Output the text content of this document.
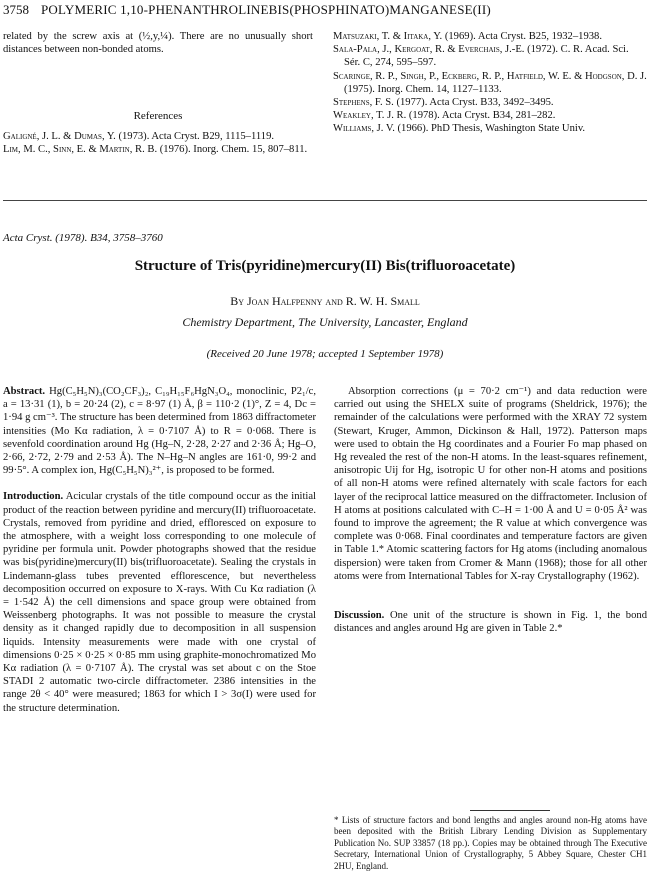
3758 POLYMERIC 1,10-PHENANTHROLINEBIS(PHOSPHINATO)MANGANESE(II)

related by the screw axis at (½,y,¼). There are no unusually short distances between non-bonded atoms.

References
Galigné, J. L. & Dumas, Y. (1973). Acta Cryst. B29, 1115–1119.
Lim, M. C., Sinn, E. & Martin, R. B. (1976). Inorg. Chem. 15, 807–811.
Matsuzaki, T. & Iitaka, Y. (1969). Acta Cryst. B25, 1932–1938.
Sala-Pala, J., Kergoat, R. & Everchais, J.-E. (1972). C. R. Acad. Sci. Sér. C, 274, 595–597.
Scaringe, R. P., Singh, P., Eckberg, R. P., Hatfield, W. E. & Hodgson, D. J. (1975). Inorg. Chem. 14, 1127–1133.
Stephens, F. S. (1977). Acta Cryst. B33, 3492–3495.
Weakley, T. J. R. (1978). Acta Cryst. B34, 281–282.
Williams, J. V. (1966). PhD Thesis, Washington State Univ.
Acta Cryst. (1978). B34, 3758–3760
Structure of Tris(pyridine)mercury(II) Bis(trifluoroacetate)
By Joan Halfpenny and R. W. H. Small
Chemistry Department, The University, Lancaster, England
(Received 20 June 1978; accepted 1 September 1978)

Abstract. Hg(C₅H₅N)₃(CO₂CF₃)₂, C₁₉H₁₅F₆HgN₃O₄, monoclinic, P2₁/c, a = 13·31 (1), b = 20·24 (2), c = 8·97 (1) Å, β = 110·2 (1)°, Z = 4, Dc = 1·94 g cm⁻³. The structure has been determined from 1863 diffractometer intensities (Mo Kα radiation, λ = 0·7107 Å) to R = 0·068. There is sevenfold coordination around Hg (Hg–N, 2·28, 2·27 and 2·36 Å; Hg–O, 2·66, 2·72, 2·79 and 2·53 Å). The N–Hg–N angles are 161·0, 99·2 and 99·5°. A complex ion, Hg(C₅H₅N)₃²⁺, is proposed to be formed.

Introduction. Acicular crystals of the title compound occur as the initial product of the reaction between pyridine and mercury(II) trifluoroacetate. Crystals, removed from pyridine and dried, effloresced on exposure to the atmosphere, with a weight loss corresponding to one molecule of pyridine per formula unit. Powder photographs showed that the residue was bis(pyridine)mercury(II) bis(trifluoroacetate). Sealing the crystals in Lindemann-glass tubes prevented efflorescence, but nevertheless decomposition occurred on exposure to X-rays. With Cu Kα radiation (λ = 1·542 Å) the cell dimensions and space group were obtained from Weissenberg photographs. It was not possible to measure the crystal density as it changed rapidly due to decomposition in all suspension liquids. Intensity measurements were made with one crystal of dimensions 0·25 × 0·25 × 0·85 mm using graphite-monochromatized Mo Kα radiation (λ = 0·7107 Å). The crystal was set about c on the Stoe STADI 2 automatic two-circle diffractometer. 2386 intensities in the range 2θ < 40° were measured; 1863 for which I > 3σ(I) were used for the structure determination.

Absorption corrections (μ = 70·2 cm⁻¹) and data reduction were carried out using the SHELX suite of programs (Sheldrick, 1976); the remainder of the calculations were performed with the XRAY 72 system (Stewart, Kruger, Ammon, Dickinson & Hall, 1972). Patterson maps were used to obtain the Hg coordinates and a Fourier Fo map phased on Hg revealed the rest of the non-H atoms. In the least-squares refinement, anisotropic Uij for Hg, isotropic U for other non-H atoms and positions of all non-H atoms were refined alternately with scale factors for each layer of the reciprocal lattice measured on the diffractometer. Inclusion of H atoms at positions calculated with C–H = 1·00 Å and U = 0·05 Å² was found to improve the agreement; the R value at which convergence was complete was 0·068. Final coordinates and temperature factors are given in Table 1.* Atomic scattering factors for Hg atoms (including anomalous dispersion) were taken from Cromer & Mann (1968); those for all other atoms were from International Tables for X-ray Crystallography (1962).

Discussion. One unit of the structure is shown in Fig. 1, the bond distances and angles around Hg are given in Table 2.*

* Lists of structure factors and bond lengths and angles around non-Hg atoms have been deposited with the British Library Lending Division as Supplementary Publication No. SUP 33857 (18 pp.). Copies may be obtained through The Executive Secretary, International Union of Crystallography, 5 Abbey Square, Chester CH1 2HU, England.
